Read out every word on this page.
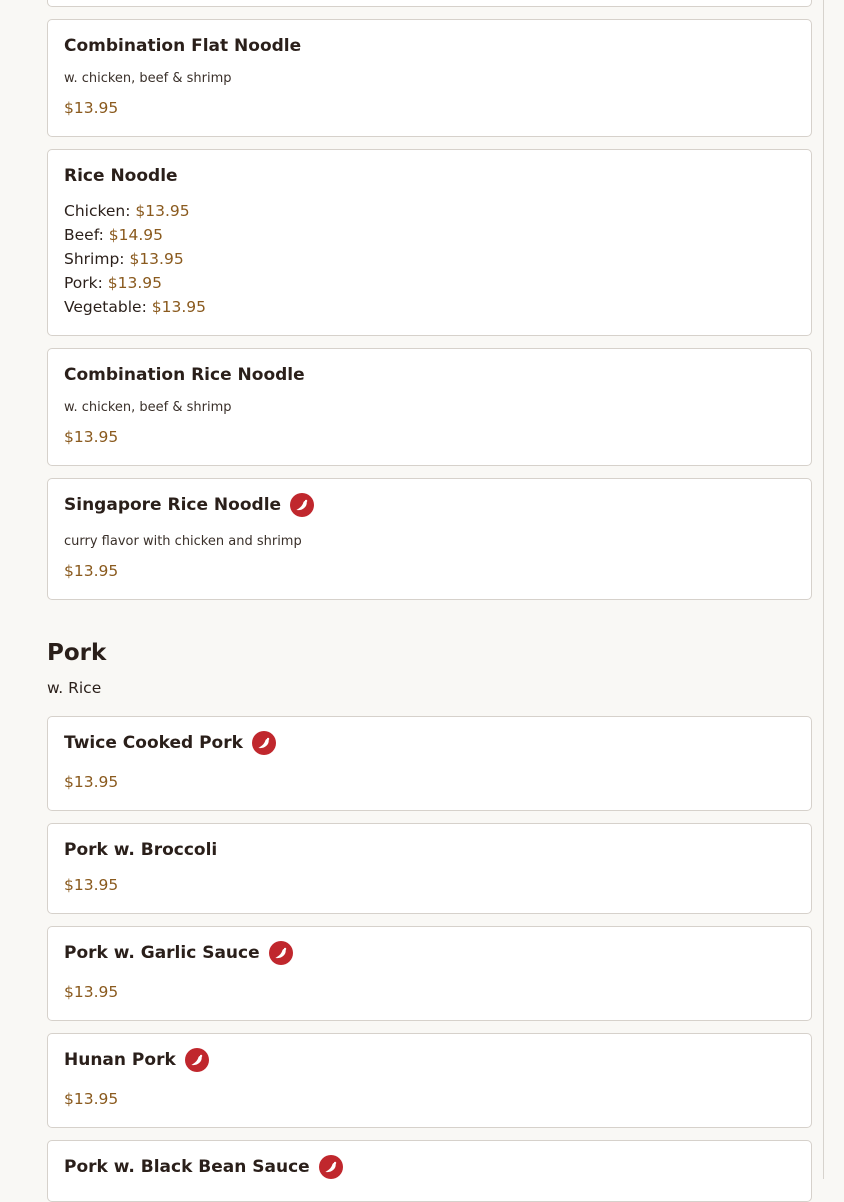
Combination Flat Noodle
w. chicken, beef & shrimp
$13.95
Rice Noodle
Chicken: $13.95
Beef: $14.95
Shrimp: $13.95
Pork: $13.95
Vegetable: $13.95
Combination Rice Noodle
w. chicken, beef & shrimp
$13.95
Singapore Rice Noodle
curry flavor with chicken and shrimp
$13.95
Pork
w. Rice
Twice Cooked Pork
$13.95
Pork w. Broccoli
$13.95
Pork w. Garlic Sauce
$13.95
Hunan Pork
$13.95
Pork w. Black Bean Sauce
